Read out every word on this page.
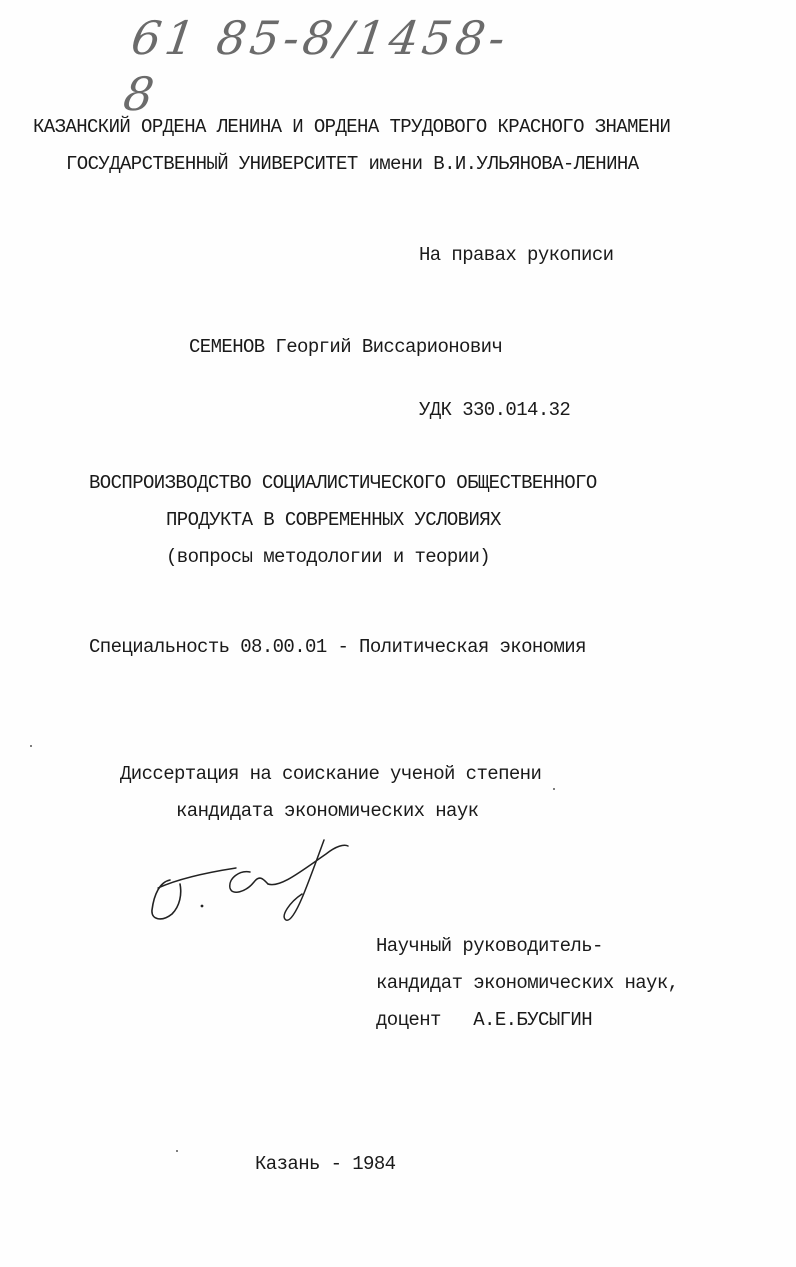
61 85-8/1458-8
КАЗАНСКИЙ ОРДЕНА ЛЕНИНА И ОРДЕНА ТРУДОВОГО КРАСНОГО ЗНАМЕНИ
ГОСУДАРСТВЕННЫЙ УНИВЕРСИТЕТ имени В.И.УЛЬЯНОВА-ЛЕНИНА
На правах рукописи
СЕМЕНОВ Георгий Виссарионович
УДК 330.014.32
ВОСПРОИЗВОДСТВО СОЦИАЛИСТИЧЕСКОГО ОБЩЕСТВЕННОГО
ПРОДУКТА В СОВРЕМЕННЫХ УСЛОВИЯХ
(вопросы методологии и теории)
Специальность 08.00.01 - Политическая экономия
Диссертация на соискание ученой степени
кандидата экономических наук
Научный руководитель-
кандидат экономических наук,
доцент   А.Е.БУСЫГИН
Казань - 1984
